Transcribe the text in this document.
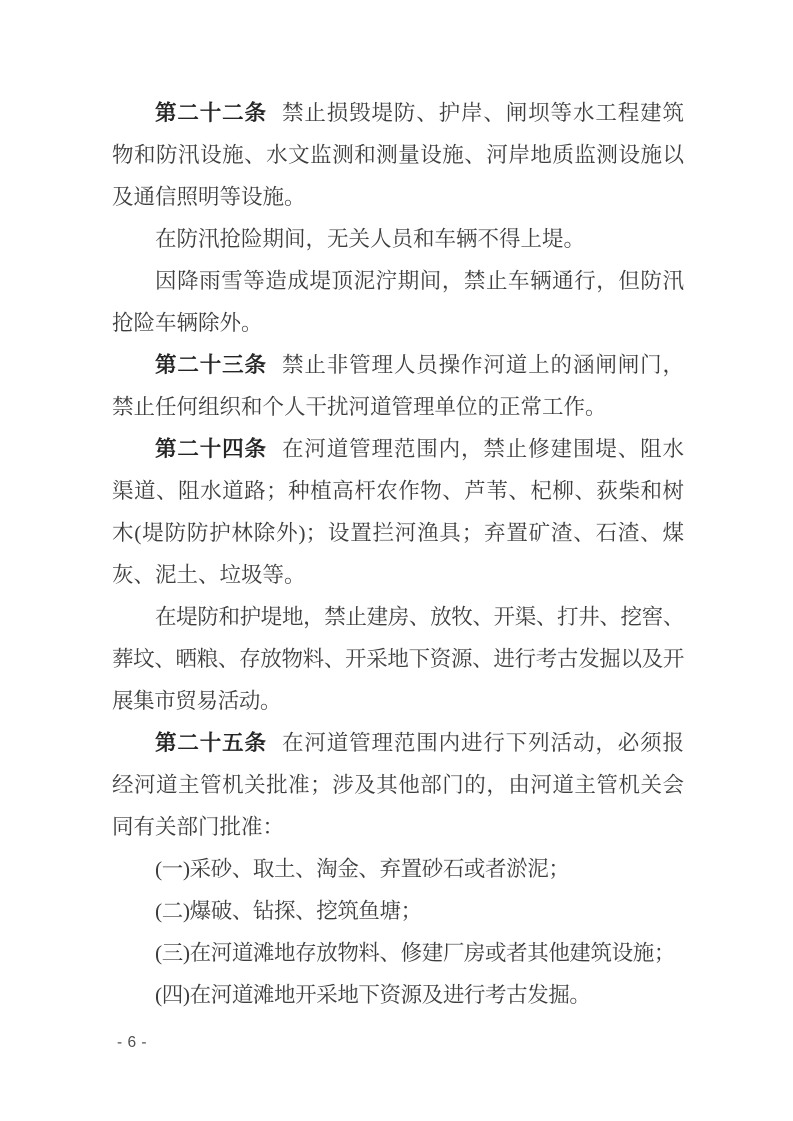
第二十二条 禁止损毁堤防、护岸、闸坝等水工程建筑物和防汛设施、水文监测和测量设施、河岸地质监测设施以及通信照明等设施。
在防汛抢险期间，无关人员和车辆不得上堤。
因降雨雪等造成堤顶泥泞期间，禁止车辆通行，但防汛抢险车辆除外。
第二十三条 禁止非管理人员操作河道上的涵闸闸门，禁止任何组织和个人干扰河道管理单位的正常工作。
第二十四条 在河道管理范围内，禁止修建围堤、阻水渠道、阻水道路；种植高杆农作物、芦苇、杞柳、荻柴和树木(堤防防护林除外)；设置拦河渔具；弃置矿渣、石渣、煤灰、泥土、垃圾等。
在堤防和护堤地，禁止建房、放牧、开渠、打井、挖窖、葬坟、晒粮、存放物料、开采地下资源、进行考古发掘以及开展集市贸易活动。
第二十五条 在河道管理范围内进行下列活动，必须报经河道主管机关批准；涉及其他部门的，由河道主管机关会同有关部门批准：
(一)采砂、取土、淘金、弃置砂石或者淤泥；
(二)爆破、钻探、挖筑鱼塘；
(三)在河道滩地存放物料、修建厂房或者其他建筑设施；
(四)在河道滩地开采地下资源及进行考古发掘。
- 6 -
